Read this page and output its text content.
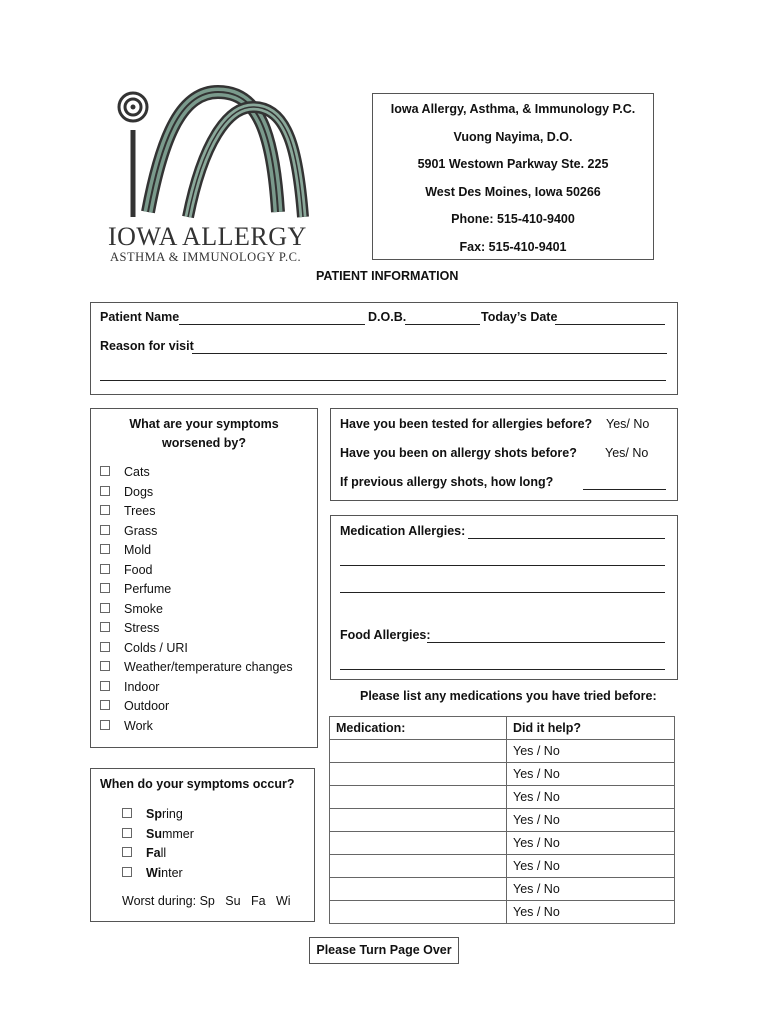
IOWA ALLERGY
ASTHMA & IMMUNOLOGY P.C.
Iowa Allergy, Asthma, & Immunology P.C.
Vuong Nayima, D.O.
5901 Westown Parkway Ste. 225
West Des Moines, Iowa 50266
Phone: 515-410-9400
Fax: 515-410-9401
PATIENT INFORMATION
Patient Name	D.O.B.	Today’s Date
Reason for visit
What are your symptoms
worsened by?
Cats
Dogs
Trees
Grass
Mold
Food
Perfume
Smoke
Stress
Colds / URI
Weather/temperature changes
Indoor
Outdoor
Work
Have you been tested for allergies before? Yes/ No
Have you been on allergy shots before? Yes/ No
If previous allergy shots, how long?
Medication Allergies:
Food Allergies:
Please list any medications you have tried before:
Medication:	Did it help?
	Yes / No
	Yes / No
	Yes / No
	Yes / No
	Yes / No
	Yes / No
	Yes / No
	Yes / No
When do your symptoms occur?
Spring
Summer
Fall
Winter
Worst during: Sp   Su   Fa   Wi
Please Turn Page Over
